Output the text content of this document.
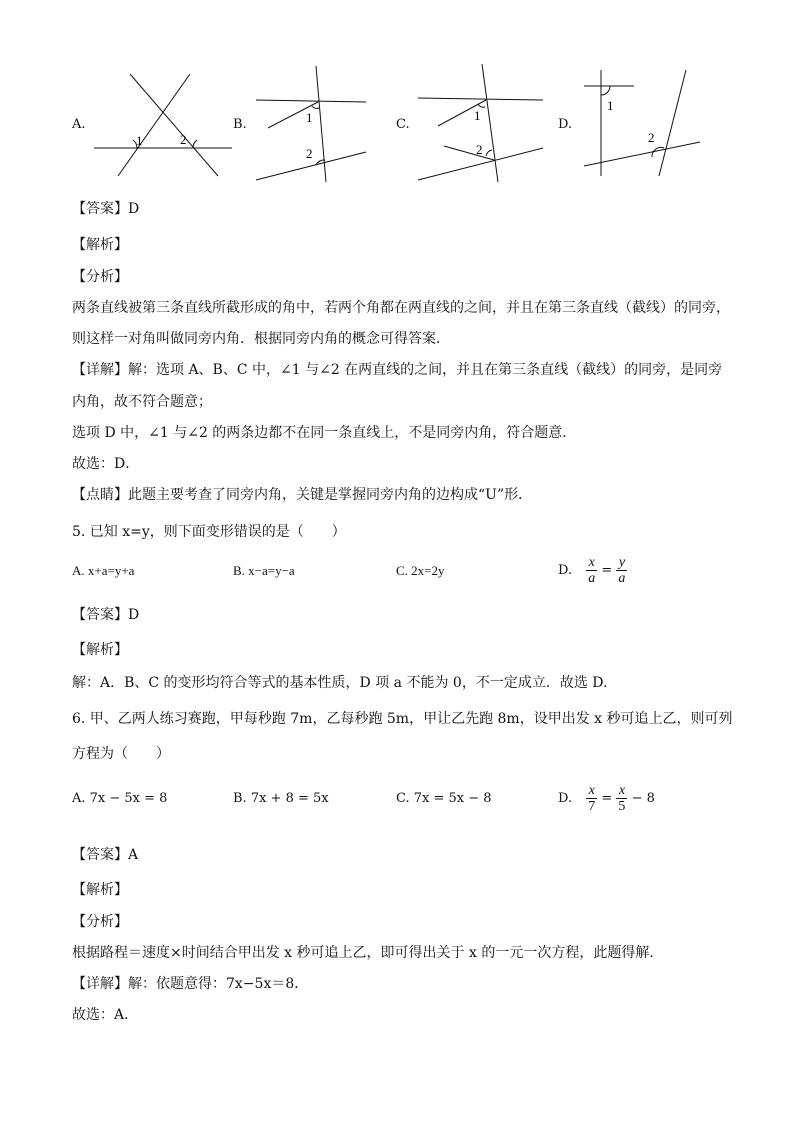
A.
1	2
B.	1
2
C.
1
2
D.
1
2
【答案】D
【解析】
【分析】
两条直线被第三条直线所截形成的角中，若两个角都在两直线的之间，并且在第三条直线（截线）的同旁，
则这样一对角叫做同旁内角．根据同旁内角的概念可得答案．
【详解】解：选项 A、B、C 中，∠1 与∠2 在两直线的之间，并且在第三条直线（截线）的同旁，是同旁
内角，故不符合题意；
选项 D 中，∠1 与∠2 的两条边都不在同一条直线上，不是同旁内角，符合题意．
故选：D．
【点睛】此题主要考查了同旁内角，关键是掌握同旁内角的边构成“U”形．
5. 已知 x=y，则下面变形错误的是（　　）
A. x+a=y+a	B. x−a=y−a	C. 2x=2y	D. $\frac{x}{a} = \frac{y}{a}$
【答案】D
【解析】
解：A．B、C 的变形均符合等式的基本性质，D 项 a 不能为 0，不一定成立．故选 D.
6. 甲、乙两人练习赛跑，甲每秒跑 7m，乙每秒跑 5m，甲让乙先跑 8m，设甲出发 x 秒可追上乙，则可列
方程为（　　）
A. 7x − 5x = 8	B. 7x + 8 = 5x	C. 7x = 5x − 8	D. $\frac{x}{7} = \frac{x}{5} - 8$
【答案】A
【解析】
【分析】
根据路程＝速度×时间结合甲出发 x 秒可追上乙，即可得出关于 x 的一元一次方程，此题得解．
【详解】解：依题意得：7x−5x＝8．
故选：A．
